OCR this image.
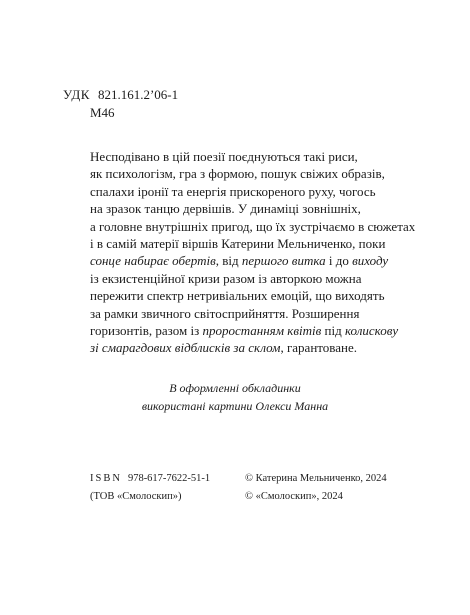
УДК 821.161.2’06-1
М46
Несподівано в цій поезії поєднуються такі риси,
як психологізм, гра з формою, пошук свіжих образів,
спалахи іронії та енергія прискореного руху, чогось
на зразок танцю дервішів. У динаміці зовнішніх,
а головне внутрішніх пригод, що їх зустрічаємо в сюжетах
і в самій матерії віршів Катерини Мельниченко, поки
сонце набирає обертів, від першого витка і до виходу
із екзистенційної кризи разом із авторкою можна
пережити спектр нетривіальних емоцій, що виходять
за рамки звичного світосприйняття. Розширення
горизонтів, разом із проростанням квітів під колискову
зі смарагдових відблисків за склом, гарантоване.
В оформленні обкладинки
використані картини Олекси Манна
ISBN 978-617-7622-51-1
(ТОВ «Смолоскип»)
© Катерина Мельниченко, 2024
© «Смолоскип», 2024
